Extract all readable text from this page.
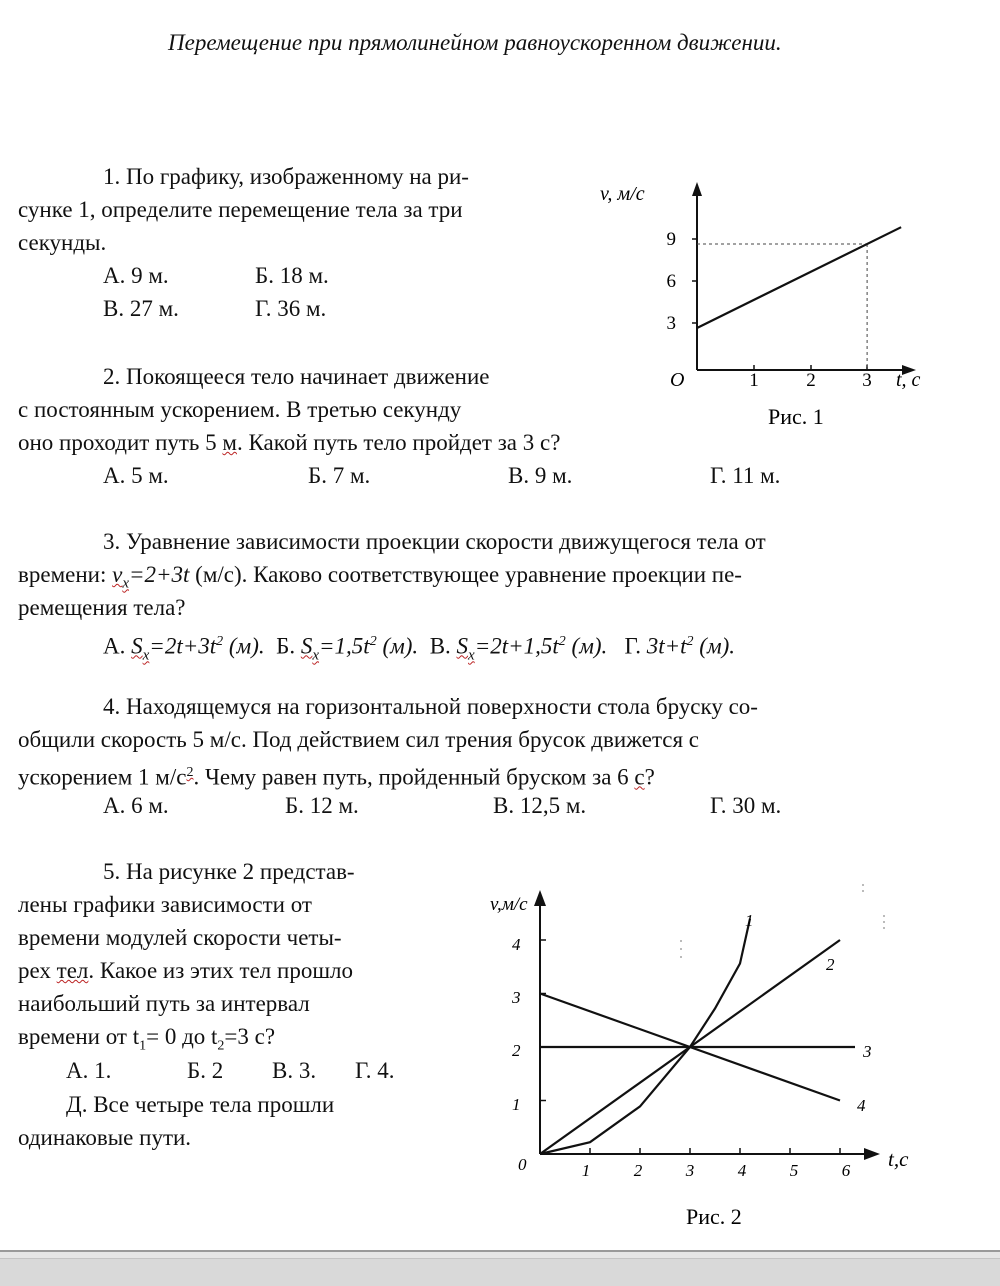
Перемещение при прямолинейном равноускоренном движении.
1. По графику, изображенному на ри-
сунке 1, определите перемещение тела за три
секунды.
А. 9 м.	Б. 18 м.
В. 27 м.	Г. 36 м.
v, м/с
3
6
9
O	1	2 3 t, с
Рис. 1
2. Покоящееся тело начинает движение
с постоянным ускорением. В третью секунду
оно проходит путь 5 м. Какой путь тело пройдет за 3 с?
А. 5 м.	Б. 7 м.	В. 9 м.	Г. 11 м.
3. Уравнение зависимости проекции скорости движущегося тела от
времени: $v_x=2+3t$ (м/с). Каково соответствующее уравнение проекции пе-
ремещения тела?
А. $S_x=2t+3t^2$ (м). Б. $S_x=1,5t^2$ (м). В. $S_x=2t+1,5t^2$ (м). Г. $3t+t^2$ (м).
4. Находящемуся на горизонтальной поверхности стола бруску со-
общили скорость 5 м/с. Под действием сил трения брусок движется с
ускорением 1 $м/с^2$. Чему равен путь, пройденный бруском за 6 с?
А. 6 м.	Б. 12 м.	В. 12,5 м.	Г. 30 м.
5. На рисунке 2 представ-
лены графики зависимости от
времени модулей скорости четы-
рех тел. Какое из этих тел прошло
наибольший путь за интервал
времени от $t_1= 0$ до $t_2=3$ с?
А. 1.	Б. 2 В. 3. Г. 4.
Д. Все четыре тела прошли
одинаковые пути.
v,м/с
t,c
0
1
2
3
4
1	2	3	4	5	6
1
2
3
4
Рис. 2
